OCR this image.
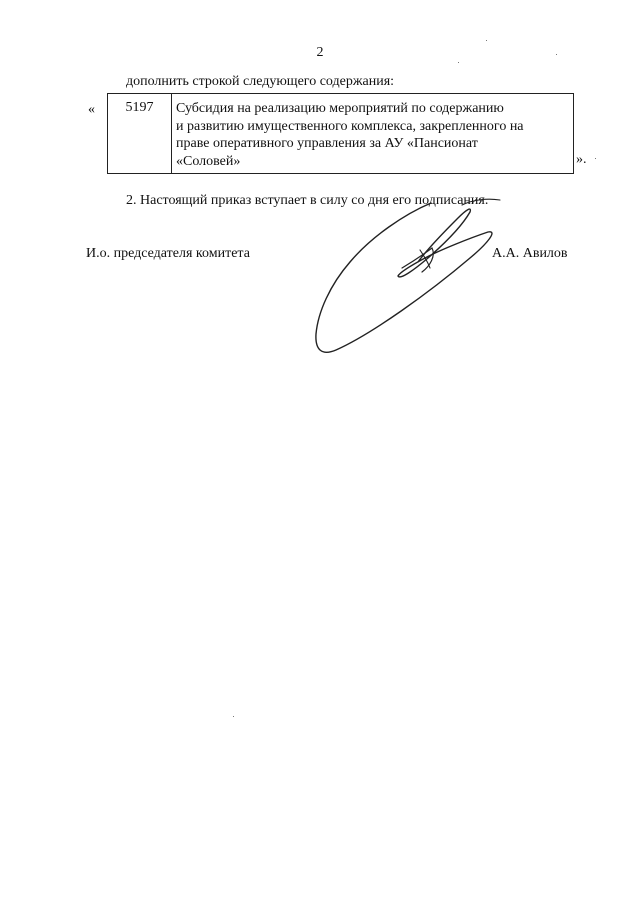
2
дополнить строкой следующего содержания:
«	5197	Субсидия на реализацию мероприятий по содержанию
и развитию имущественного комплекса, закрепленного на
праве оперативного управления за АУ «Пансионат
«Соловей»	».
2. Настоящий приказ вступает в силу со дня его подписания.
И.о. председателя комитета	А.А. Авилов
